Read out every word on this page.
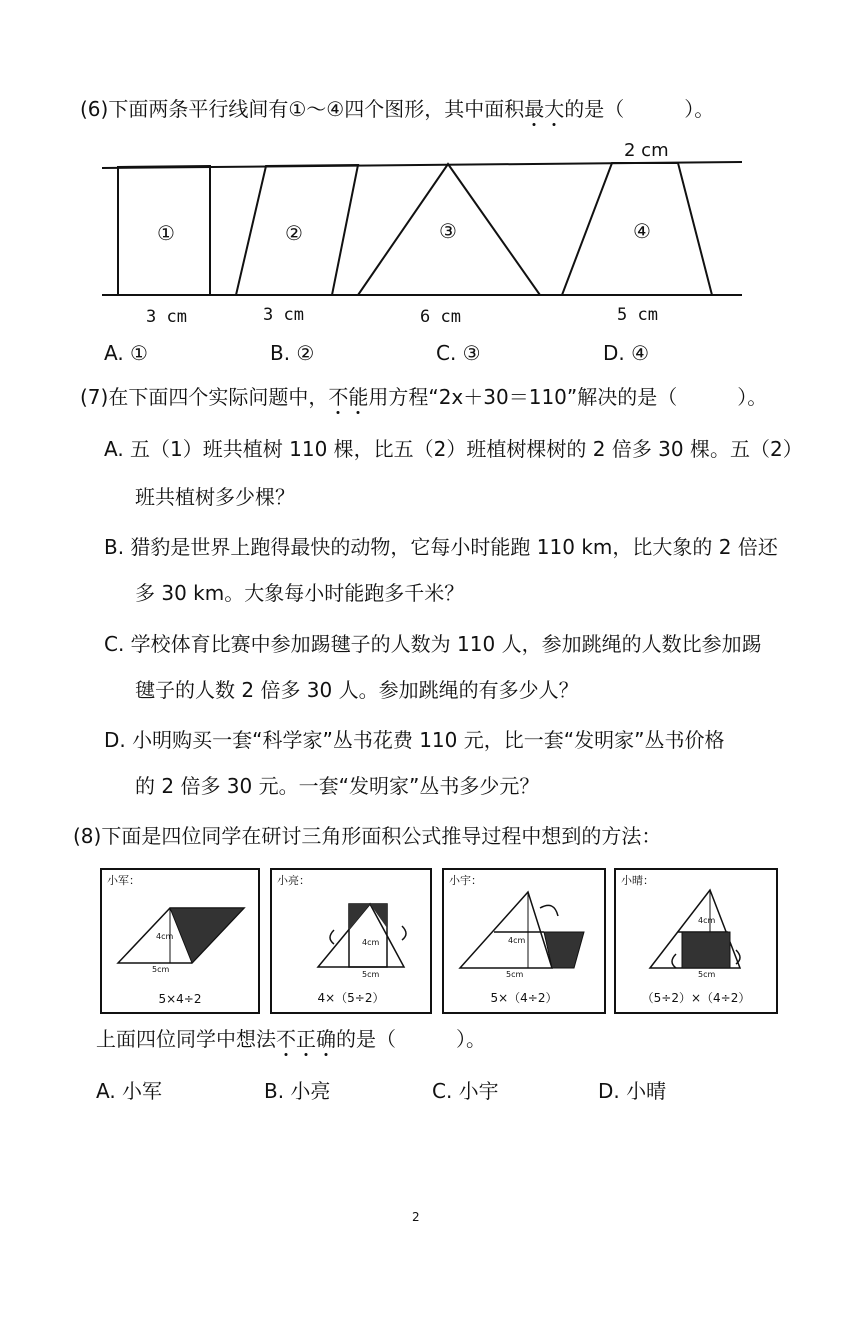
(6)下面两条平行线间有①～④四个图形，其中面积最大的是（　　　）。
2 cm
①	②	③	④
3 cm	3 cm	6 cm	5 cm
A. ①	B. ②	C. ③	D. ④
(7)在下面四个实际问题中，不能用方程“2x＋30＝110”解决的是（　　　）。
A. 五（1）班共植树 110 棵，比五（2）班植树棵树的 2 倍多 30 棵。五（2）
班共植树多少棵？
B. 猎豹是世界上跑得最快的动物，它每小时能跑 110 km，比大象的 2 倍还
多 30 km。大象每小时能跑多千米？
C. 学校体育比赛中参加踢毽子的人数为 110 人，参加跳绳的人数比参加踢
毽子的人数 2 倍多 30 人。参加跳绳的有多少人？
D. 小明购买一套“科学家”丛书花费 110 元，比一套“发明家”丛书价格
的 2 倍多 30 元。一套“发明家”丛书多少元？
(8)下面是四位同学在研讨三角形面积公式推导过程中想到的方法：
小军：
4cm
5cm
5×4÷2
小亮：
4cm
5cm
4×（5÷2）
小宇：
4cm
5cm
5×（4÷2）
小晴：
4cm
5cm
（5÷2）×（4÷2）
上面四位同学中想法不正确的是（　　　）。
A. 小军	B. 小亮	C. 小宇	D. 小晴
2
